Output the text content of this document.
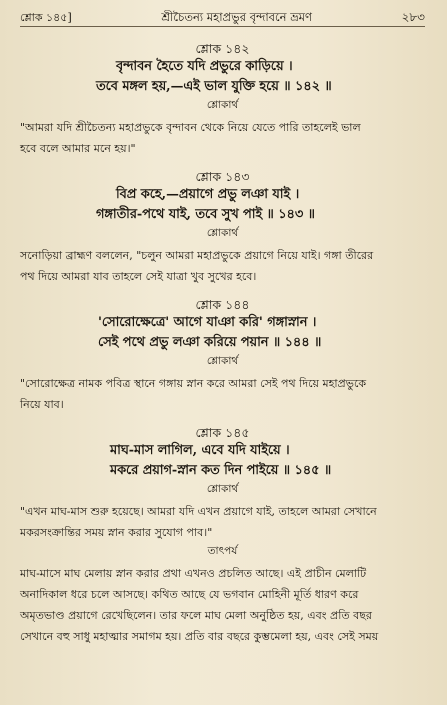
শ্লোক ১৪৫]	শ্রীচৈতন্য মহাপ্রভুর বৃন্দাবনে ভ্রমণ	২৮৩

শ্লোক ১৪২

বৃন্দাবন হৈতে যদি প্রভুরে কাড়িয়ে ।

তবে মঙ্গল হয়,—এই ভাল যুক্তি হয়ে ॥ ১৪২ ॥

শ্লোকার্থ

"আমরা যদি শ্রীচৈতন্য মহাপ্রভুকে বৃন্দাবন থেকে নিয়ে যেতে পারি তাহলেই ভাল

হবে বলে আমার মনে হয়।"

শ্লোক ১৪৩

বিপ্র কহে,—প্রয়াগে প্রভু লঞা যাই ।

গঙ্গাতীর-পথে যাই, তবে সুখ পাই ॥ ১৪৩ ॥

শ্লোকার্থ

সনোড়িয়া ব্রাহ্মণ বললেন, "চলুন আমরা মহাপ্রভুকে প্রয়াগে নিয়ে যাই। গঙ্গা তীরের

পথ দিয়ে আমরা যাব তাহলে সেই যাত্রা খুব সুখের হবে।

শ্লোক ১৪৪

'সোরোক্ষেত্রে' আগে যাঞা করি' গঙ্গাস্নান ।

সেই পথে প্রভু লঞা করিয়ে পয়ান ॥ ১৪৪ ॥

শ্লোকার্থ

"সোরোক্ষেত্র নামক পবিত্র স্থানে গঙ্গায় স্নান করে আমরা সেই পথ দিয়ে মহাপ্রভুকে

নিয়ে যাব।

শ্লোক ১৪৫

মাঘ-মাস লাগিল, এবে যদি যাইয়ে ।

মকরে প্রয়াগ-স্নান কত দিন পাইয়ে ॥ ১৪৫ ॥

শ্লোকার্থ

"এখন মাঘ-মাস শুরু হয়েছে। আমরা যদি এখন প্রয়াগে যাই, তাহলে আমরা সেখানে

মকরসংক্রান্তির সময় স্নান করার সুযোগ পাব।"

তাৎপর্য

মাঘ-মাসে মাঘ মেলায় স্নান করার প্রথা এখনও প্রচলিত আছে। এই প্রাচীন মেলাটি

অনাদিকাল ধরে চলে আসছে। কথিত আছে যে ভগবান মোহিনী মূর্তি ধারণ করে

অমৃতভাণ্ড প্রয়াগে রেখেছিলেন। তার ফলে মাঘ মেলা অনুষ্ঠিত হয়, এবং প্রতি বছর

সেখানে বহু সাধু মহাত্মার সমাগম হয়। প্রতি বার বছরে কুম্ভমেলা হয়, এবং সেই সময়
